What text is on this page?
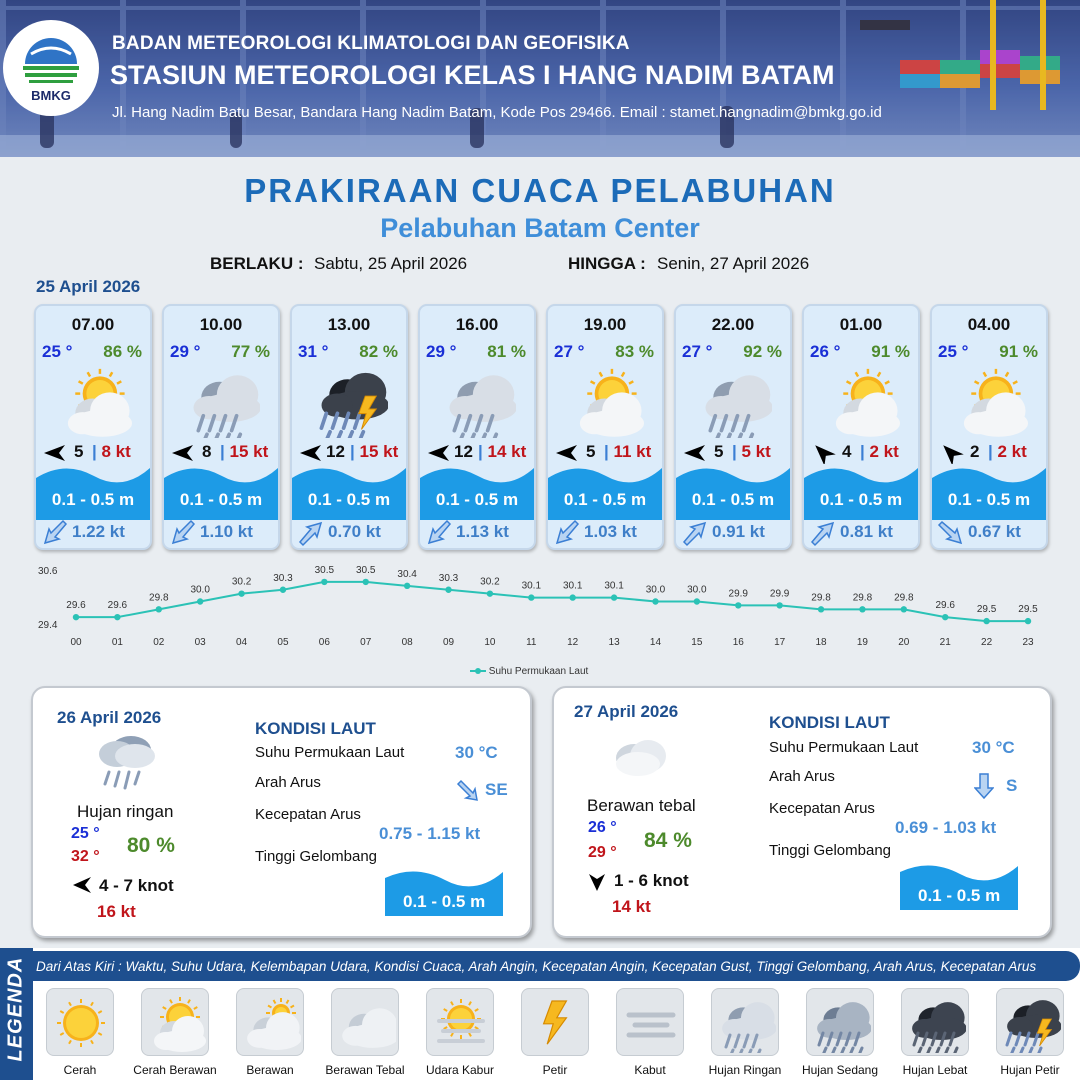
BMKG
BADAN METEOROLOGI KLIMATOLOGI DAN GEOFISIKA
STASIUN METEOROLOGI KELAS I HANG NADIM BATAM
Jl. Hang Nadim Batu Besar, Bandara Hang Nadim Batam, Kode Pos 29466. Email : stamet.hangnadim@bmkg.go.id
PRAKIRAAN CUACA PELABUHAN
Pelabuhan Batam Center
BERLAKU : Sabtu, 25 April 2026	HINGGA : Senin, 27 April 2026
25 April 2026
07.00
25 ° 86 %
5 | 8 kt
0.1 - 0.5 m
1.22 kt
10.00
29 ° 77 %
8 | 15 kt
0.1 - 0.5 m
1.10 kt
13.00
31 ° 82 %
12 | 15 kt
0.1 - 0.5 m
0.70 kt
16.00
29 ° 81 %
12 | 14 kt
0.1 - 0.5 m
1.13 kt
19.00
27 ° 83 %
5 | 11 kt
0.1 - 0.5 m
1.03 kt
22.00
27 ° 92 %
5 | 5 kt
0.1 - 0.5 m
0.91 kt
01.00
26 ° 91 %
4 | 2 kt
0.1 - 0.5 m
0.81 kt
04.00
25 ° 91 %
2 | 2 kt
0.1 - 0.5 m
0.67 kt
30.6
29.4
29.6
00
29.6
01
29.8
02
30.0
03
30.2
04
30.3
05
30.5
06
30.5
07
30.4
08
30.3
09
30.2
10
30.1
11
30.1
12
30.1
13
30.0
14
30.0
15
29.9
16
29.9
17
29.8
18
29.8
19
29.8
20
29.6
21
29.5
22
29.5
23
Suhu Permukaan Laut
26 April 2026
Hujan ringan
25 °
32 ° 80 %
4 - 7 knot
16 kt
KONDISI LAUT
Suhu Permukaan Laut	30 °C
Arah Arus	SE
Kecepatan Arus
0.75 - 1.15 kt
Tinggi Gelombang
0.1 - 0.5 m
27 April 2026
Berawan tebal
26 °
29 °
84 %
1 - 6 knot
14 kt
KONDISI LAUT
Suhu Permukaan Laut	30 °C
Arah Arus	S
Kecepatan Arus
0.69 - 1.03 kt
Tinggi Gelombang
0.1 - 0.5 m
LEGENDA Dari Atas Kiri : Waktu, Suhu Udara, Kelembapan Udara, Kondisi Cuaca, Arah Angin, Kecepatan Angin, Kecepatan Gust, Tinggi Gelombang, Arah Arus, Kecepatan Arus
Cerah	Cerah Berawan	Berawan	Berawan Tebal	Udara Kabur	Petir	Kabut	Hujan Ringan	Hujan Sedang	Hujan Lebat	Hujan Petir
